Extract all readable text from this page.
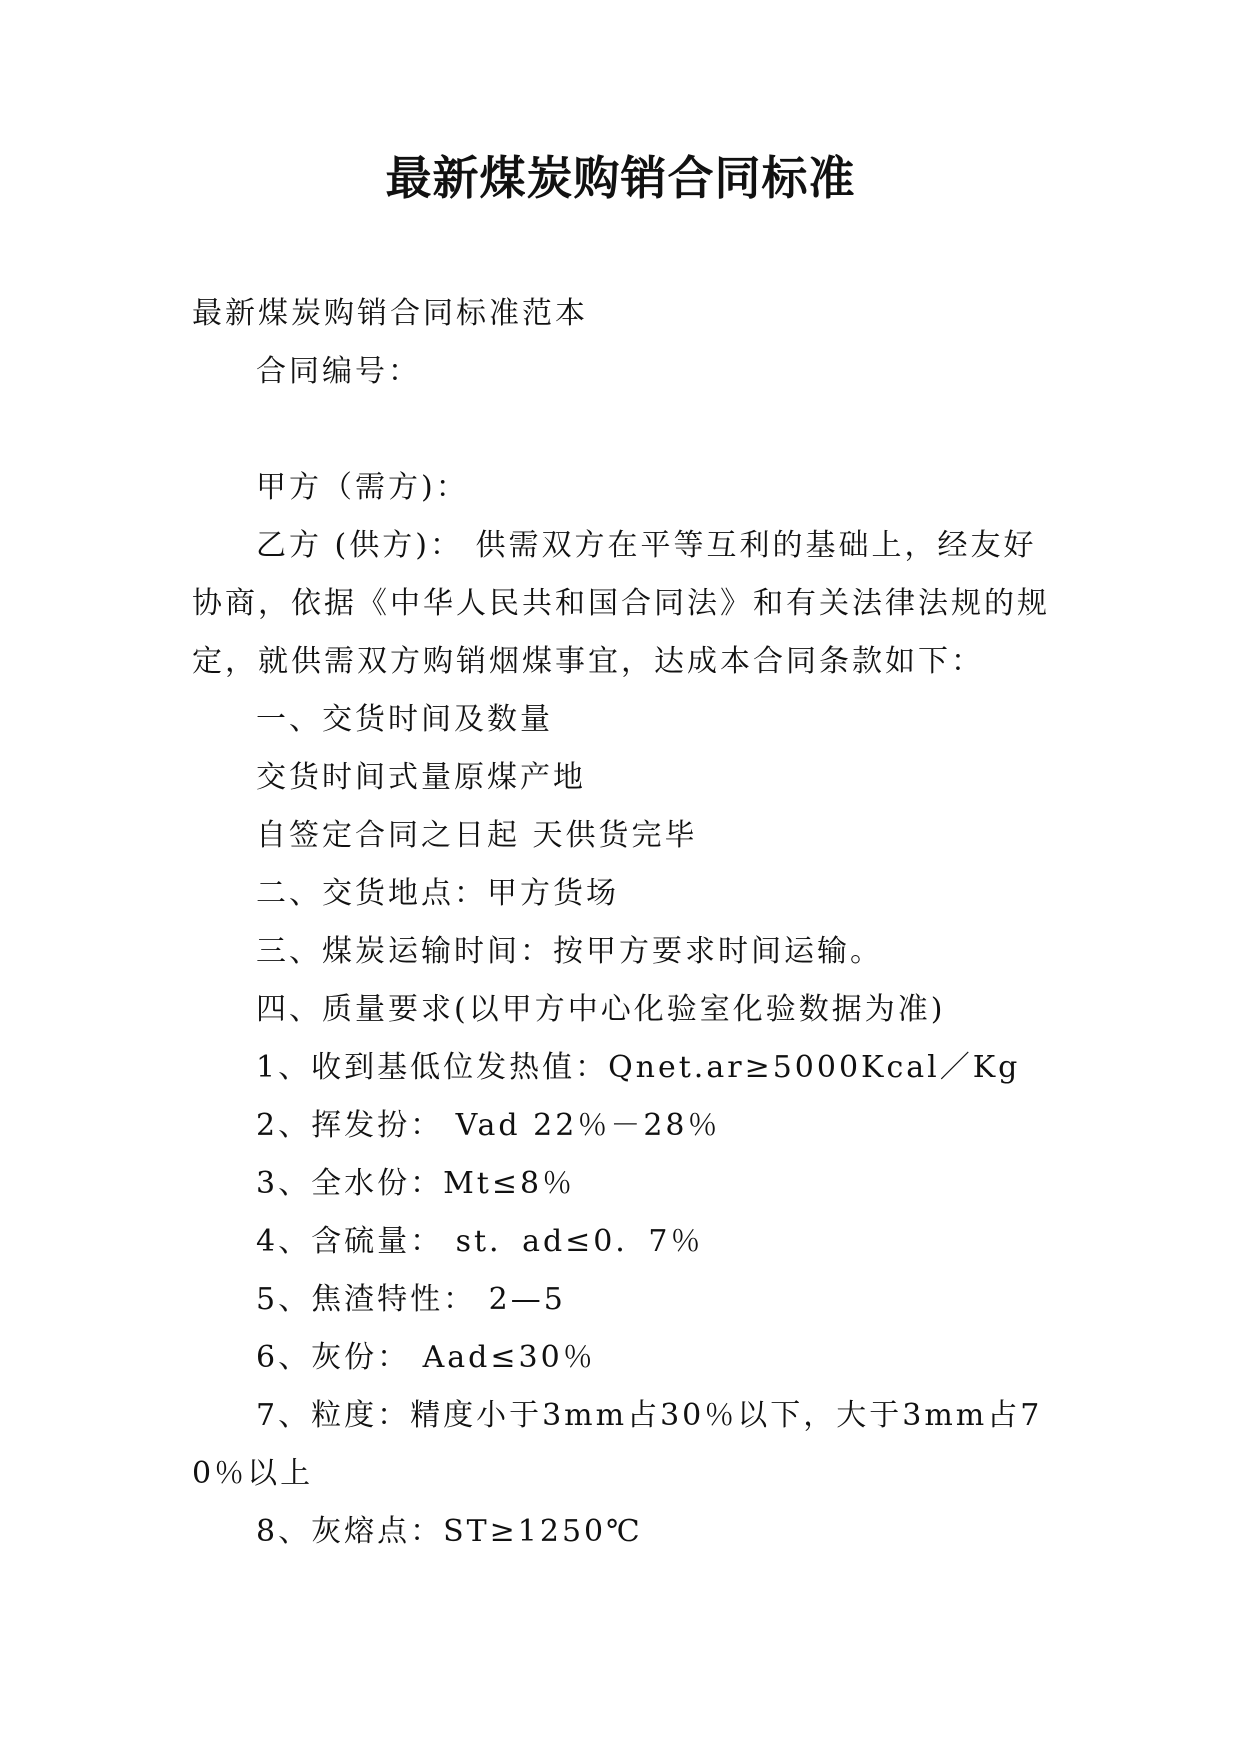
最新煤炭购销合同标准

最新煤炭购销合同标准范本

合同编号：

甲方（需方)：

乙方 (供方)： 供需双方在平等互利的基础上，经友好协商，依据《中华人民共和国合同法》和有关法律法规的规定，就供需双方购销烟煤事宜，达成本合同条款如下：

一、交货时间及数量

交货时间式量原煤产地

自签定合同之日起 天供货完毕

二、交货地点：甲方货场

三、煤炭运输时间：按甲方要求时间运输。

四、质量要求(以甲方中心化验室化验数据为准)

1、收到基低位发热值：Qnet.ar≥5000Kcal／Kg

2、挥发扮： Vad 22％－28％

3、全水份：Mt≤8％

4、含硫量： st．ad≤0．7％

5、焦渣特性： 2—5

6、灰份： Aad≤30％

7、粒度：精度小于3mm占30％以下，大于3mm占70％以上

8、灰熔点：ST≥1250℃
